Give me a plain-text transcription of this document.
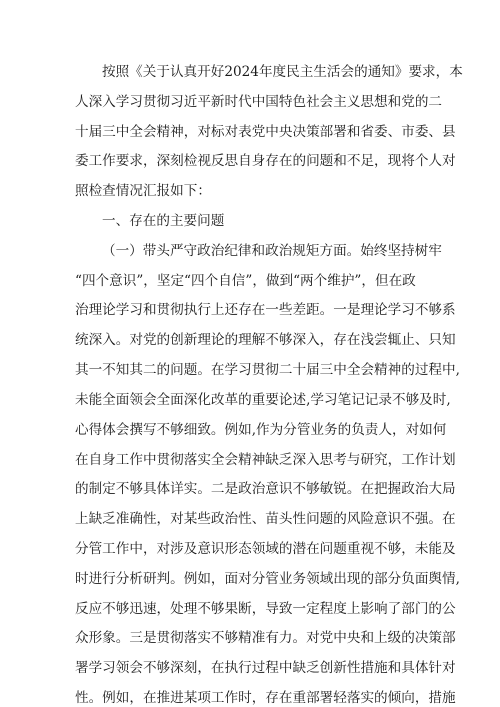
按照《关于认真开好2024年度民主生活会的通知》要求，本
人深入学习贯彻习近平新时代中国特色社会主义思想和党的二
十届三中全会精神，对标对表党中央决策部署和省委、市委、县
委工作要求，深刻检视反思自身存在的问题和不足，现将个人对
照检查情况汇报如下：
一、存在的主要问题
（一）带头严守政治纪律和政治规矩方面。始终坚持树牢
“四个意识”，坚定“四个自信”，做到“两个维护”，但在政
治理论学习和贯彻执行上还存在一些差距。一是理论学习不够系
统深入。对党的创新理论的理解不够深入，存在浅尝辄止、只知
其一不知其二的问题。在学习贯彻二十届三中全会精神的过程中,
未能全面领会全面深化改革的重要论述,学习笔记记录不够及时,
心得体会撰写不够细致。例如,作为分管业务的负责人，对如何
在自身工作中贯彻落实全会精神缺乏深入思考与研究，工作计划
的制定不够具体详实。二是政治意识不够敏锐。在把握政治大局
上缺乏准确性，对某些政治性、苗头性问题的风险意识不强。在
分管工作中，对涉及意识形态领域的潜在问题重视不够，未能及
时进行分析研判。例如，面对分管业务领域出现的部分负面舆情,
反应不够迅速，处理不够果断，导致一定程度上影响了部门的公
众形象。三是贯彻落实不够精准有力。对党中央和上级的决策部
署学习领会不够深刻，在执行过程中缺乏创新性措施和具体针对
性。例如，在推进某项工作时，存在重部署轻落实的倾向，措施
